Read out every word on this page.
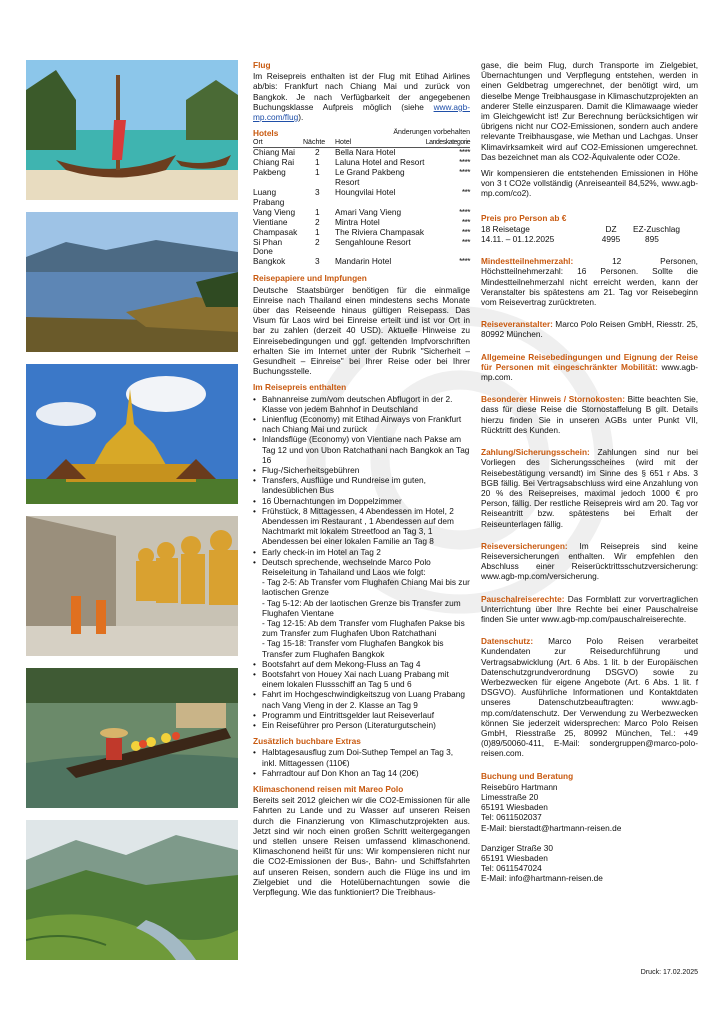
Flug
Im Reisepreis enthalten ist der Flug mit Etihad Airlines ab/bis: Frankfurt nach Chiang Mai und zurück von Bangkok. Je nach Verfügbarkeit der angegebenen Buchungsklasse Aufpreis möglich (siehe www.agb-mp.com/flug).
Hotels	Änderungen vorbehalten
Ort	Nächte	Hotel	Landeskategorie
Chiang Mai	2	Bella Nara Hotel	****
Chiang Rai	1	Laluna Hotel and Resort	****
Pakbeng	1	Le Grand Pakbeng Resort	****
Luang Prabang	3	Houngvilai Hotel	***
Vang Vieng	1	Amari Vang Vieng	****
Vientiane	2	Mintra Hotel	***
Champasak	1	The Riviera Champasak	***
Si Phan Done	2	Sengahloune Resort	***
Bangkok	3	Mandarin Hotel	****
Reisepapiere und Impfungen
Deutsche Staatsbürger benötigen für die einmalige Einreise nach Thailand einen mindestens sechs Monate über das Reiseende hinaus gültigen Reisepass. Das Visum für Laos wird bei Einreise erteilt und ist vor Ort in bar zu zahlen (derzeit 40 USD). Aktuelle Hinweise zu Einreisebedingungen und ggf. geltenden Impfvorschriften erhalten Sie im Internet unter der Rubrik "Sicherheit – Gesundheit – Einreise" bei Ihrer Reise oder bei Ihrer Buchungsstelle.
Im Reisepreis enthalten
• Bahnanreise zum/vom deutschen Abflugort in der 2. Klasse von jedem Bahnhof in Deutschland
• Linienflug (Economy) mit Etihad Airways von Frankfurt nach Chiang Mai und zurück
• Inlandsflüge (Economy) von Vientiane nach Pakse am Tag 12 und von Ubon Ratchathani nach Bangkok an Tag 16
• Flug-/Sicherheitsgebühren
• Transfers, Ausflüge und Rundreise im guten, landesüblichen Bus
• 16 Übernachtungen im Doppelzimmer
• Frühstück, 8 Mittagessen, 4 Abendessen im Hotel, 2 Abendessen im Restaurant , 1 Abendessen auf dem Nachtmarkt mit lokalem Streetfood an Tag 3, 1 Abendessen bei einer lokalen Familie an Tag 8
• Early check-in im Hotel an Tag 2
• Deutsch sprechende, wechselnde Marco Polo Reiseleitung in Tahailand und Laos wie folgt:
- Tag 2-5: Ab Transfer vom Flughafen Chiang Mai bis zur laotischen Grenze
- Tag 5-12: Ab der laotischen Grenze bis Transfer zum Flughafen Vientane
- Tag 12-15: Ab dem Transfer vom Flughafen Pakse bis zum Transfer zum Flughafen Ubon Ratchathani
- Tag 15-18: Transfer vom Flughafen Bangkok bis Transfer zum Flughafen Bangkok
• Bootsfahrt auf dem Mekong-Fluss an Tag 4
• Bootsfahrt von Houey Xai nach Luang Prabang mit einem lokalen Flussschiff an Tag 5 und 6
• Fahrt im Hochgeschwindigkeitszug von Luang Prabang nach Vang Vieng in der 2. Klasse an Tag 9
• Programm und Eintrittsgelder laut Reiseverlauf
• Ein Reiseführer pro Person (Literaturgutschein)
Zusätzlich buchbare Extras
• Halbtagesausflug zum Doi-Suthep Tempel an Tag 3, inkl. Mittagessen (110€)
• Fahrradtour auf Don Khon an Tag 14 (20€)
Klimaschonend reisen mit Mareo Polo
Bereits seit 2012 gleichen wir die CO2-Emissionen für alle Fahrten zu Lande und zu Wasser auf unseren Reisen durch die Finanzierung von Klimaschutzprojekten aus. Jetzt sind wir noch einen großen Schritt weitergegangen und stellen unsere Reisen umfassend klimaschonend. Klimaschonend heißt für uns: Wir kompensieren nicht nur die CO2-Emissionen der Bus-, Bahn- und Schiffsfahrten auf unseren Reisen, sondern auch die Flüge ins und im Zielgebiet und die Hotelübernachtungen sowie die Verpflegung. Wie das funktioniert? Die Treibhaus-
gase, die beim Flug, durch Transporte im Zielgebiet, Übernachtungen und Verpflegung entstehen, werden in einen Geldbetrag umgerechnet, der benötigt wird, um dieselbe Menge Treibhausgase in Klimaschutzprojekten an anderer Stelle einzusparen. Damit die Klimawaage wieder im Gleichgewicht ist! Zur Berechnung berücksichtigen wir übrigens nicht nur CO2-Emissionen, sondern auch andere relevante Treibhausgase, wie Methan und Lachgas. Unser Klimavirksamkeit wird auf CO2-Emissionen umgerechnet. Das bezeichnet man als CO2-Äquivalente oder CO2e.
Wir kompensieren die entstehenden Emissionen in Höhe von 3 t CO2e vollständig (Anreiseanteil 84,52%, www.agb-mp.com/co2).
Preis pro Person ab €
18 Reisetage	DZ	EZ-Zuschlag
14.11. – 01.12.2025	4995	895
Mindestteilnehmerzahl: 12 Personen, Höchstteilnehmerzahl: 16 Personen. Sollte die Mindestteilnehmerzahl nicht erreicht werden, kann der Veranstalter bis spätestens am 21. Tag vor Reisebeginn vom Reisevertrag zurücktreten.
Reiseveranstalter: Marco Polo Reisen GmbH, Riesstr. 25, 80992 München.
Allgemeine Reisebedingungen und Eignung der Reise für Personen mit eingeschränkter Mobilität: www.agb-mp.com.
Besonderer Hinweis / Stornokosten: Bitte beachten Sie, dass für diese Reise die Stornostaffelung B gilt. Details hierzu finden Sie in unseren AGBs unter Punkt VII, Rücktritt des Kunden.
Zahlung/Sicherungsschein: Zahlungen sind nur bei Vorliegen des Sicherungsscheines (wird mit der Reisebestätigung versandt) im Sinne des § 651 r Abs. 3 BGB fällig. Bei Vertragsabschluss wird eine Anzahlung von 20 % des Reisepreises, maximal jedoch 1000 € pro Person, fällig. Der restliche Reisepreis wird am 20. Tag vor Reiseantritt bzw. spätestens bei Erhalt der Reiseunterlagen fällig.
Reiseversicherungen: Im Reisepreis sind keine Reiseversicherungen enthalten. Wir empfehlen den Abschluss einer Reiserücktrittsschutzversicherung: www.agb-mp.com/versicherung.
Pauschalreiserechte: Das Formblatt zur vorvertraglichen Unterrichtung über Ihre Rechte bei einer Pauschalreise finden Sie unter www.agb-mp.com/pauschalreiserechte.
Datenschutz: Marco Polo Reisen verarbeitet Kundendaten zur Reisedurchführung und Vertragsabwicklung (Art. 6 Abs. 1 lit. b der Europäischen Datenschutzgrundverordnung DSGVO) sowie zu Werbezwecken für eigene Angebote (Art. 6 Abs. 1 lit. f DSGVO). Ausführliche Informationen und Kontaktdaten unseres Datenschutzbeauftragten: www.agb-mp.com/datenschutz. Der Verwendung zu Werbezwecken können Sie jederzeit widersprechen: Marco Polo Reisen GmbH, Riesstraße 25, 80992 München, Tel.: +49 (0)89/50060-411, E-Mail: sondergruppen@marco-polo-reisen.com.
Buchung und Beratung
Reisebüro Hartmann
Limesstraße 20
65191 Wiesbaden
Tel: 0611502037
E-Mail: bierstadt@hartmann-reisen.de
Danziger Straße 30
65191 Wiesbaden
Tel: 0611547024
E-Mail: info@hartmann-reisen.de
Druck: 17.02.2025
